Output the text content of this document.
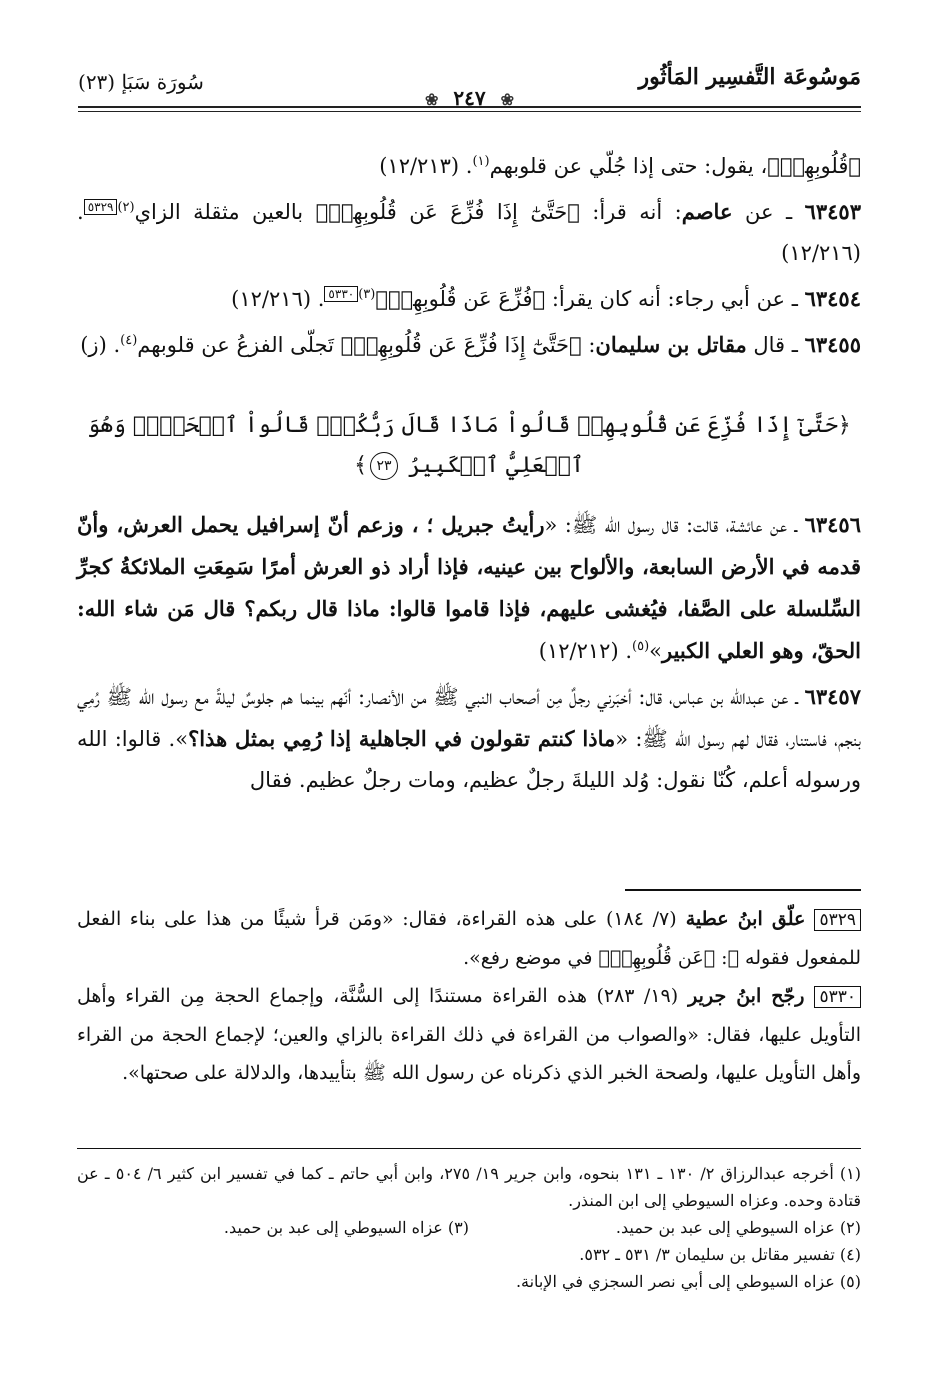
مَوسُوعَة التَّفسِير المَأثُور
❀ ٢٤٧ ❀
سُورَة سَبَإ (٢٣)

﴿قُلُوبِهِمۡ﴾، يقول: حتى إذا جُلّي عن قلوبهم$^{(١)}$. (١٢/٢١٣)

٦٣٤٥٣ ـ عن عاصم: أنه قرأ: ﴿حَتَّىٰٓ إِذَا فُزِّعَ عَن قُلُوبِهِمۡ﴾ بالعين مثقلة الزاي$^{(٢)٥٣٢٩}$. (١٢/٢١٦)

٦٣٤٥٤ ـ عن أبي رجاء: أنه كان يقرأ: ﴿فُزِّعَ عَن قُلُوبِهِمۡ﴾$^{(٣)٥٣٣٠}$. (١٢/٢١٦)

٦٣٤٥٥ ـ قال مقاتل بن سليمان: ﴿حَتَّىٰٓ إِذَا فُزِّعَ عَن قُلُوبِهِمۡ﴾ تَجلّى الفزعُ عن قلوبهم$^{(٤)}$. (ز)

﴿حَتَّىٰٓ إِذَا فُزِّعَ عَن قُلُوبِهِمۡ قَالُواْ مَاذَا قَالَ رَبُّكُمۡۖ قَالُواْ ٱلۡحَقَّۖ وَهُوَ ٱلۡعَلِيُّ ٱلۡكَبِيرُ ٢٣﴾

٦٣٤٥٦ ـ عن عائشة، قالت: قال رسول الله ﷺ: «رأيتُ جبريل ؛ ، وزعم أنّ إسرافيل يحمل العرش، وأنّ قدمه في الأرض السابعة، والألواح بين عينيه، فإذا أراد ذو العرش أمرًا سَمِعَتِ الملائكةُ كجرِّ السِّلسلة على الصَّفا، فيُغشى عليهم، فإذا قاموا قالوا: ماذا قال ربكم؟ قال مَن شاء الله: الحقّ، وهو العلي الكبير»$^{(٥)}$. (١٢/٢١٢)

٦٣٤٥٧ ـ عن عبدالله بن عباس، قال: أخبَرني رجلٌ مِن أصحاب النبي ﷺ من الأنصار: أنّهم بينما هم جلوسٌ ليلةً مع رسول الله ﷺ رُمِي بنجم، فاستنار، فقال لهم رسول الله ﷺ: «ماذا كنتم تقولون في الجاهلية إذا رُمِي بمثل هذا؟». قالوا: الله ورسوله أعلم، كُنّا نقول: وُلد الليلةَ رجلٌ عظيم، ومات رجلٌ عظيم. فقال

٥٣٢٩ علّق ابنُ عطية (٧/ ١٨٤) على هذه القراءة، فقال: «ومَن قرأ شيئًا من هذا على بناء الفعل للمفعول فقوله ﷻ: ﴿عَن قُلُوبِهِمۡ﴾ في موضع رفع».

٥٣٣٠ رجّح ابنُ جرير (١٩/ ٢٨٣) هذه القراءة مستندًا إلى السُّنَّة، وإجماع الحجة مِن القراء وأهل التأويل عليها، فقال: «والصواب من القراءة في ذلك القراءة بالزاي والعين؛ لإجماع الحجة من القراء وأهل التأويل عليها، ولصحة الخبر الذي ذكرناه عن رسول الله ﷺ بتأييدها، والدلالة على صحتها».

(١) أخرجه عبدالرزاق ٢/ ١٣٠ ـ ١٣١ بنحوه، وابن جرير ١٩/ ٢٧٥، وابن أبي حاتم ـ كما في تفسير ابن كثير ٦/ ٥٠٤ ـ عن قتادة وحده. وعزاه السيوطي إلى ابن المنذر.

(٢) عزاه السيوطي إلى عبد بن حميد.

(٣) عزاه السيوطي إلى عبد بن حميد.

(٤) تفسير مقاتل بن سليمان ٣/ ٥٣١ ـ ٥٣٢.

(٥) عزاه السيوطي إلى أبي نصر السجزي في الإبانة.
